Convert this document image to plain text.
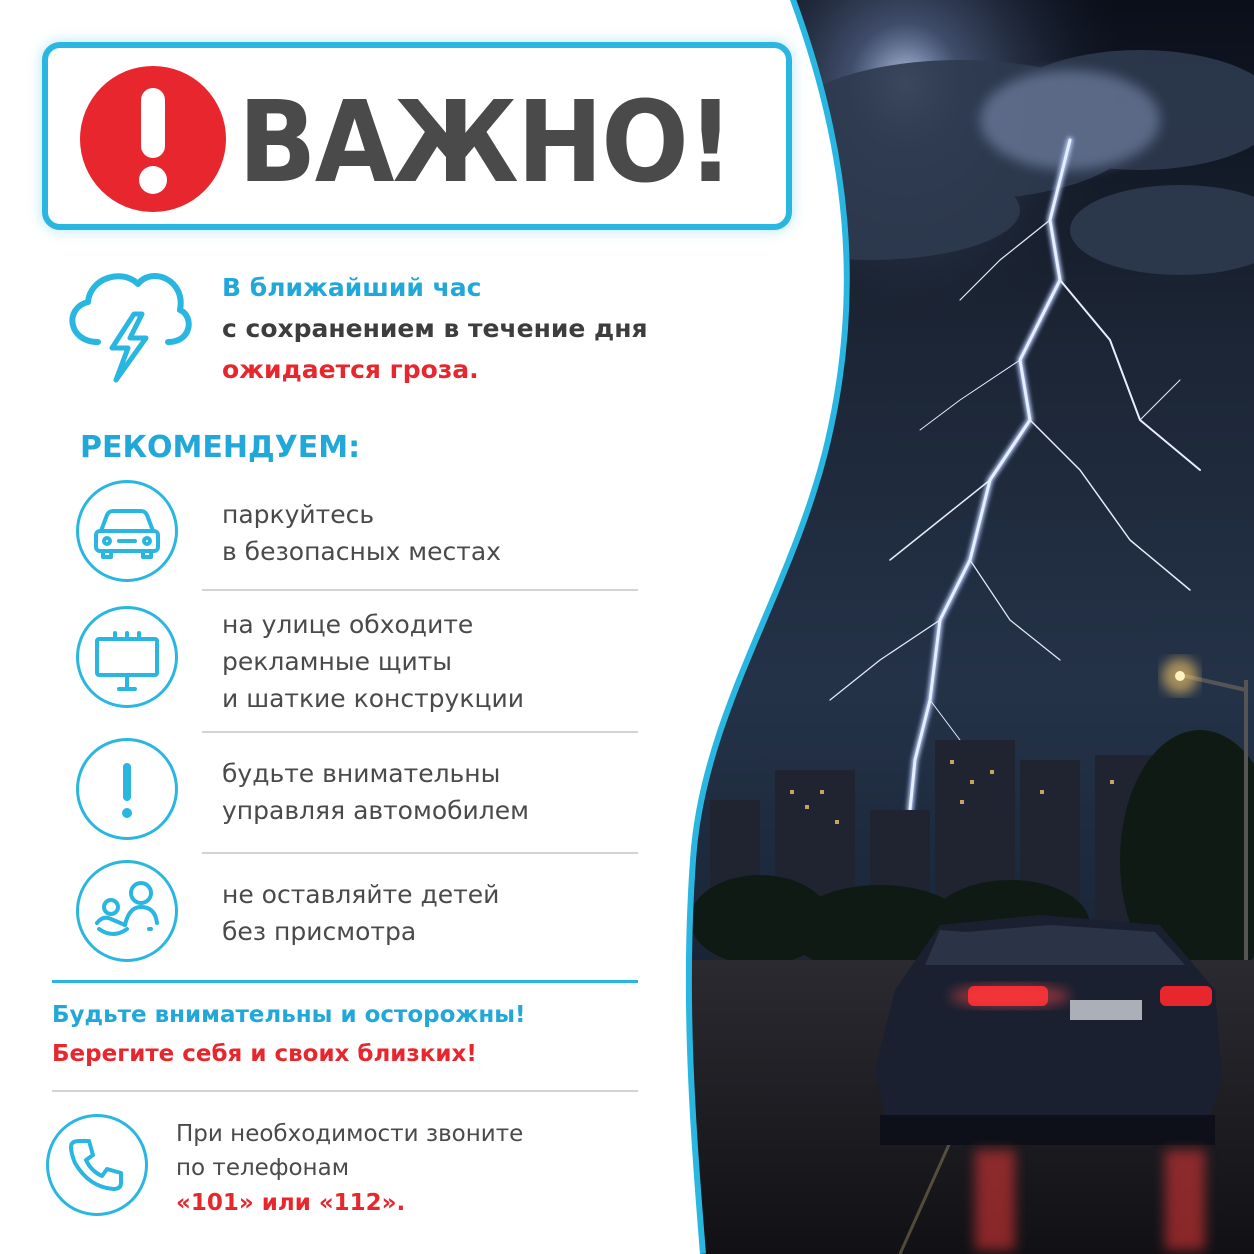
ВАЖНО!
В ближайший час
с сохранением в течение дня
ожидается гроза.
РЕКОМЕНДУЕМ:
паркуйтесь
в безопасных местах
на улице обходите
рекламные щиты
и шаткие конструкции
будьте внимательны
управляя автомобилем
не оставляйте детей
без присмотра
Будьте внимательны и осторожны!
Берегите себя и своих близких!
При необходимости звоните
по телефонам
«101» или «112».
